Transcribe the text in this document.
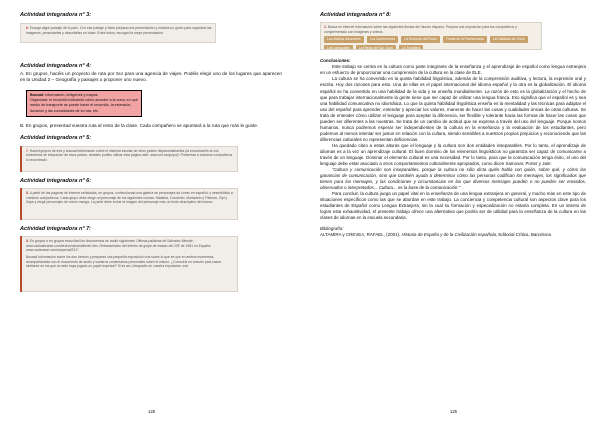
Actividad integradora nº 3:

6. Escoge algún paisaje de tu país. Con ese paisaje y fotos prepara una presentación y redacta un guión para organizar las imágenes, presentarlas y describirlas en clase. Entre todos, escoged la mejor presentación.

Actividad integradora nº 4:

A. En grupos, hacéis un proyecto de ruta por Sur para una agencia de viajes. Podéis elegir uno de los lugares que aparecen en la Unidad 2 – Geografía y paisajes o proponer uno nuevo.

Buscad: información, imágenes y mapas.
Organizad: el recorrido indicando cómo acceder a la zona, en qué medio de transporte se puede hacer el recorrido, la extensión, duración y las curiosidades de la ruta, etc.

B. En grupos, presentad vuestra ruta al resto de la clase. Cada compañero se apuntará a la ruta que más le guste.

Actividad integradora nº 5:

7. Haced grupos de tres y buscad información sobre el sistema escolar de otros países hispanohablantes (la encontraréis en los ministerios de educación de esos países, también podéis utilizar esta página web: www.oei.es/quipu/). Presentad a vuestros compañeros lo encontrado.

Actividad integradora nº 6:

8. A partir de las páginas de internet señaladas, en grupos, confeccionad una galería de personajes de cómic en español, y describidlos a vuestros compañeros. Cada grupo debe elegir un personaje de los siguientes cómics: Mafalda, Condorito, Mortadelo y Filemón, Zipi y Zape y elegir personajes de cómic manga. La parte debe incluir la imagen del personaje más un texto descriptivo del mismo.

Actividad integradora nº 7:

8. En grupos o en grupos escuchad los documentos de audio siguientes: Últimas palabras de Salvador Allende: www.radioalicante.com/textos/otras/allende.htm, Retransmisión del intento de golpe de estado del 23F de 1981 en España: www.cadenaser.com/especial/23-F.
Buscad información sobre los dos hechos y preparad una pequeña exposición oral sobre lo que se oye en ambos momentos, acompañándola con el documento de audio y vuestros comentarios personales sobre el mismo. ¿Conocéis en vuestro país casos similares en los que la radio haya jugado un papel especial? Si es así, integradlo en vuestra exposición oral.
128

Actividad integradora nº 8:

1. Busca en internet información sobre las siguientes fiestas del mundo hispano. Prepara una exposición para tus compañeros y complementalo con imágenes y vídeos.
Los diablos danzantes	Los Sanfermines	La Romería del Rocío	Fiesta de la Pachamama	La Diablada de Oruro
Los carnavales	La Fiesta de San Juan	La Tomatina

Conclusiones:

Este trabajo se centra en la cultura como parte integrante de la enseñanza y el aprendizaje de español como lengua extranjera en un esfuerzo de proporcionar una comprensión de la cultura en la clase de ELE.

La cultura se ha convertido en la quinta habilidad lingüística, además de la comprensión auditiva, y lectora, la expresión oral y escrita. Hoy dos razones para esto. Una de ellas es el papel internacional del idioma español y la otra es la globalización. El idioma español se ha convertido en una habilidad de la vida y se enseña mundialmente. La razón de esto es la globalización y el hecho de que para trabajar internacionalmente la gente tiene que ser capaz de utilizar una lengua franca. Eso significa que el español es y sea una habilidad comunicativa no idiomática. Lo que la quinta habilidad lingüística enseña es la mentalidad y las técnicas para adaptar el uso del español para aprender, entender y apreciar los valores, maneras de hacer las cosas y cualidades únicas de otras culturas. Se trata de entender cómo utilizar el lenguaje para aceptar la diferencia, ser flexible y tolerante hacia las formas de hacer las cosas que pueden ser diferentes a las nuestras. Se trata de un cambio de actitud que se expresa a través del uso del lenguaje. Porque somos humanos, nunca podremos esperar ser independientes de la cultura en la enseñanza y la evaluación de los estudiantes, pero podemos al menos intentar ser justos en relación con la cultura, siendo sensibles a nuestros propios prejuicios y reconociendo que las diferencias culturales no representan deficiencias.

Ha quedado claro a estas alturas que el lenguaje y la cultura son dos entidades inseparables. Por lo tanto, el aprendizaje de idiomas es a la vez un aprendizaje cultural. El buen dominio de los elementos lingüísticos no garantiza ser capaz de comunicarse a través de un lenguaje. Dominar el elemento cultural es una necesidad. Por lo tanto, para que la comunicación tenga éxito, el uso del lenguaje debe estar asociado a otros comportamientos culturalmente apropiados, como dicen Samovar, Porter y Jain:

“Cultura y comunicación son inseparables, porque la cultura no sólo dicta quién habla con quién, sobre qué, y cómo las ganancias de comunicación, sino que también ayuda a determinar cómo las personas codifican los mensajes, los significados que tienen para los mensajes, y las condiciones y circunstancias en las que diversos mensajes pueden o no pueden ser enviados, observados o interpretados... Cultura... es la base de la comunicación.”

Para concluir, la cultura juega un papel vital en la enseñanza de una lengua extranjera en general, y mucho más en este tipo de situaciones específicos como las que se abordan en este trabajo. La conciencia y competencia cultural son aspectos clave para los estudiantes de Español como Lengua Extranjera, sin la cual su formación y especialización no estaría completa. En un intento de lograr esta exhaustividad, el presente trabajo ofrece una alternativa que podría ser de utilidad para la enseñanza de la cultura en las clases de idiomas en la escuela secundaria.

Bibliografía:

ALTAMIRA y CREVEA, RAFAEL, (2001). Historia de España y de la Civilización española, Editorial Crítica, Barcelona

125
